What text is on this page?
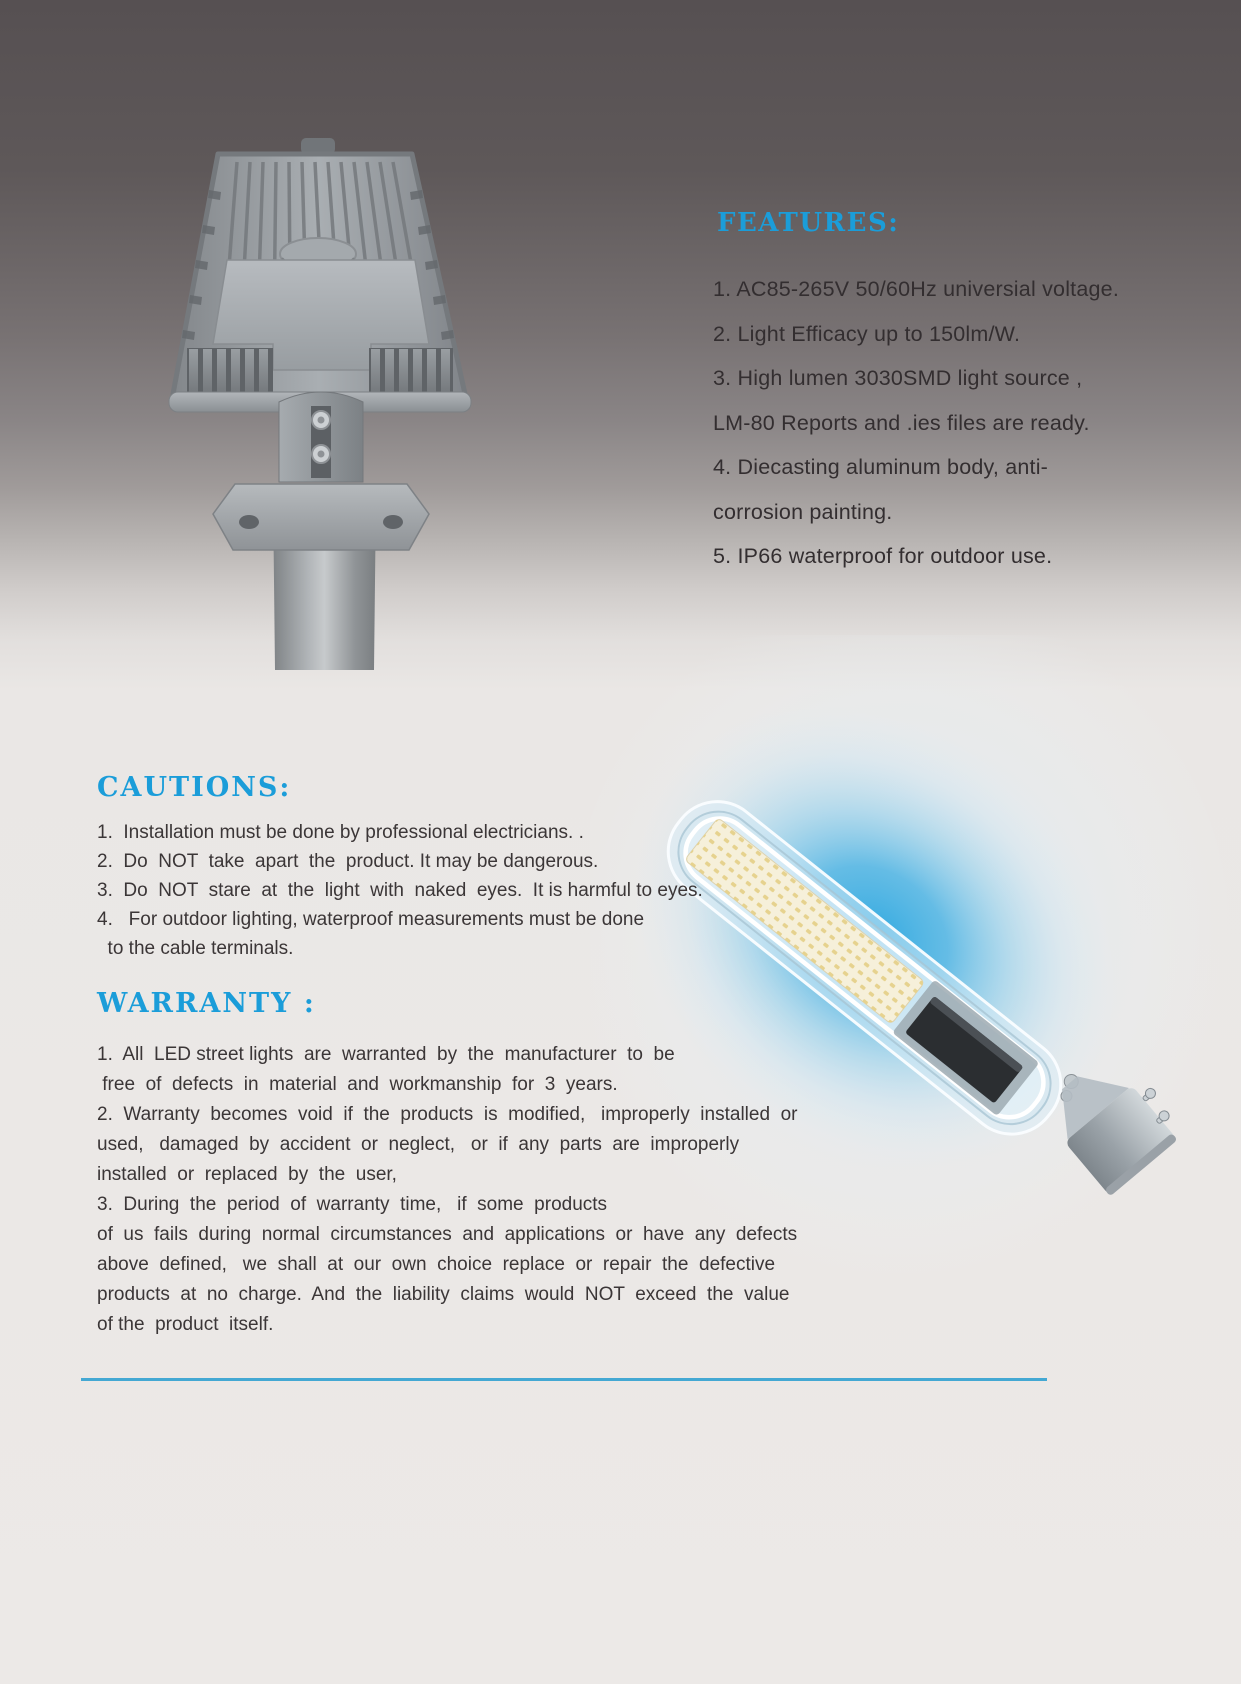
FEATURES:
1. AC85-265V 50/60Hz universial voltage.
2. Light Efficacy up to 150lm/W.
3. High lumen 3030SMD light source ,
LM-80 Reports and .ies files are ready.
4. Diecasting aluminum body, anti-
corrosion painting.
5. IP66 waterproof for outdoor use.
CAUTIONS:
1.  Installation must be done by professional electricians. .
2.  Do  NOT  take  apart  the  product. It may be dangerous.
3.  Do  NOT  stare  at  the  light  with  naked  eyes.  It is harmful to eyes.
4.   For outdoor lighting, waterproof measurements must be done
to the cable terminals.
WARRANTY :
1.  All  LED street lights  are  warranted  by  the  manufacturer  to  be
free  of  defects  in  material  and  workmanship  for  3  years.
2.  Warranty  becomes  void  if  the  products  is  modified,   improperly  installed  or
used,   damaged  by  accident  or  neglect,   or  if  any  parts  are  improperly
installed  or  replaced  by  the  user,
3.  During  the  period  of  warranty  time,   if  some  products
of  us  fails  during  normal  circumstances  and  applications  or  have  any  defects
above  defined,   we  shall  at  our  own  choice  replace  or  repair  the  defective
products  at  no  charge.  And  the  liability  claims  would  NOT  exceed  the  value
of the  product  itself.
